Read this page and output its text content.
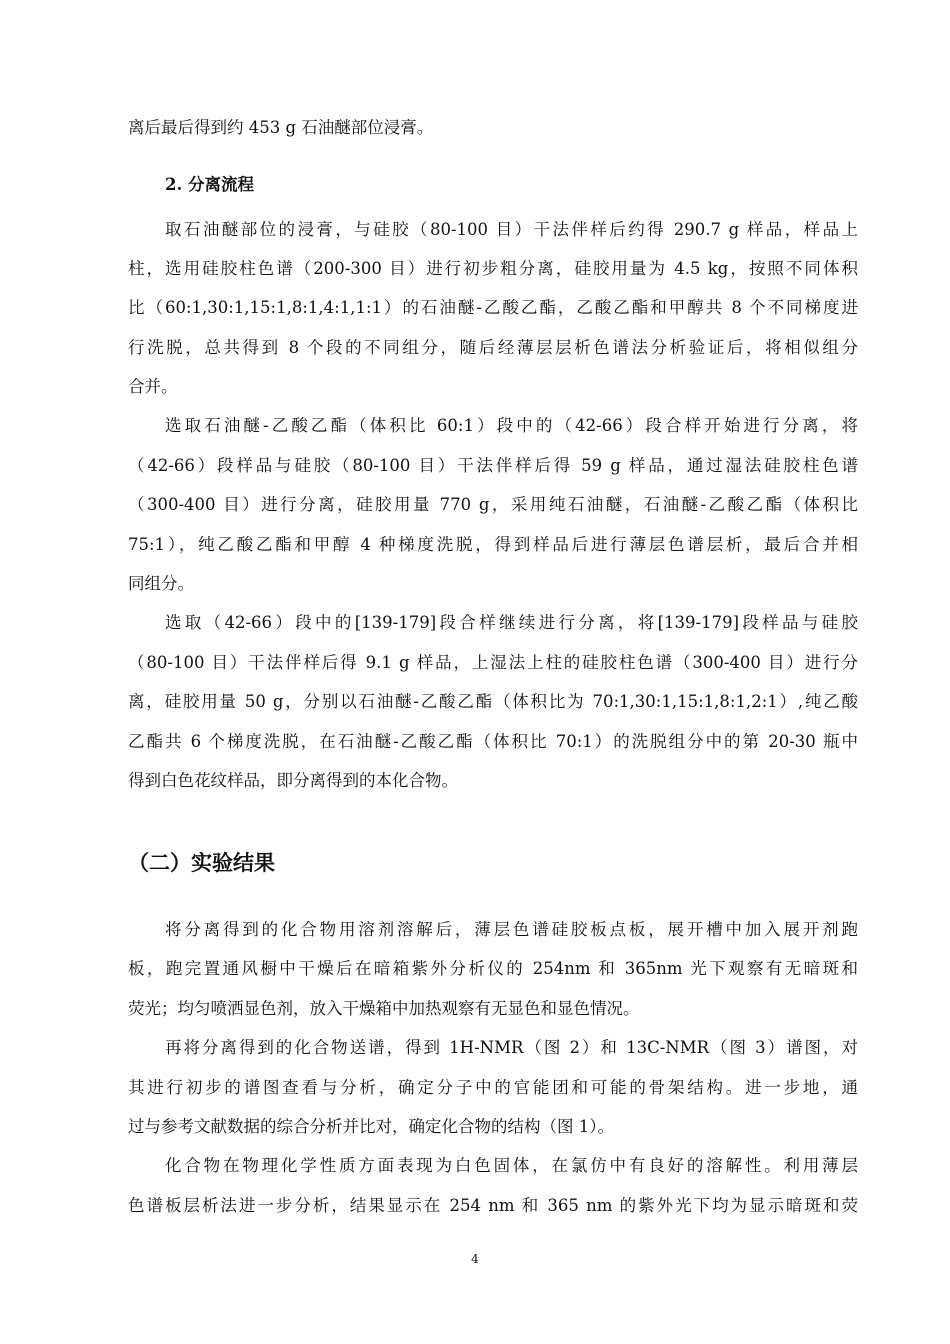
离后最后得到约 453 g 石油醚部位浸膏。
2. 分离流程
取石油醚部位的浸膏，与硅胶（80-100 目）干法伴样后约得 290.7 g 样品，样品上
柱，选用硅胶柱色谱（200-300 目）进行初步粗分离，硅胶用量为 4.5 kg，按照不同体积
比（60:1,30:1,15:1,8:1,4:1,1:1）的石油醚-乙酸乙酯，乙酸乙酯和甲醇共 8 个不同梯度进
行洗脱，总共得到 8 个段的不同组分，随后经薄层层析色谱法分析验证后，将相似组分
合并。
选取石油醚-乙酸乙酯（体积比 60:1）段中的（42-66）段合样开始进行分离，将
（42-66）段样品与硅胶（80-100 目）干法伴样后得 59 g 样品，通过湿法硅胶柱色谱
（300-400 目）进行分离，硅胶用量 770 g，采用纯石油醚，石油醚-乙酸乙酯（体积比
75:1），纯乙酸乙酯和甲醇 4 种梯度洗脱，得到样品后进行薄层色谱层析，最后合并相
同组分。
选取（42-66）段中的[139-179]段合样继续进行分离，将[139-179]段样品与硅胶
（80-100 目）干法伴样后得 9.1 g 样品，上湿法上柱的硅胶柱色谱（300-400 目）进行分
离，硅胶用量 50 g，分别以石油醚-乙酸乙酯（体积比为 70:1,30:1,15:1,8:1,2:1）,纯乙酸
乙酯共 6 个梯度洗脱，在石油醚-乙酸乙酯（体积比 70:1）的洗脱组分中的第 20-30 瓶中
得到白色花纹样品，即分离得到的本化合物。
（二）实验结果
将分离得到的化合物用溶剂溶解后，薄层色谱硅胶板点板，展开槽中加入展开剂跑
板，跑完置通风橱中干燥后在暗箱紫外分析仪的 254nm 和 365nm 光下观察有无暗斑和
荧光；均匀喷洒显色剂，放入干燥箱中加热观察有无显色和显色情况。
再将分离得到的化合物送谱，得到 1H-NMR（图 2）和 13C-NMR（图 3）谱图，对
其进行初步的谱图查看与分析，确定分子中的官能团和可能的骨架结构。进一步地，通
过与参考文献数据的综合分析并比对，确定化合物的结构（图 1）。
化合物在物理化学性质方面表现为白色固体，在氯仿中有良好的溶解性。利用薄层
色谱板层析法进一步分析，结果显示在 254 nm 和 365 nm 的紫外光下均为显示暗斑和荧
4
